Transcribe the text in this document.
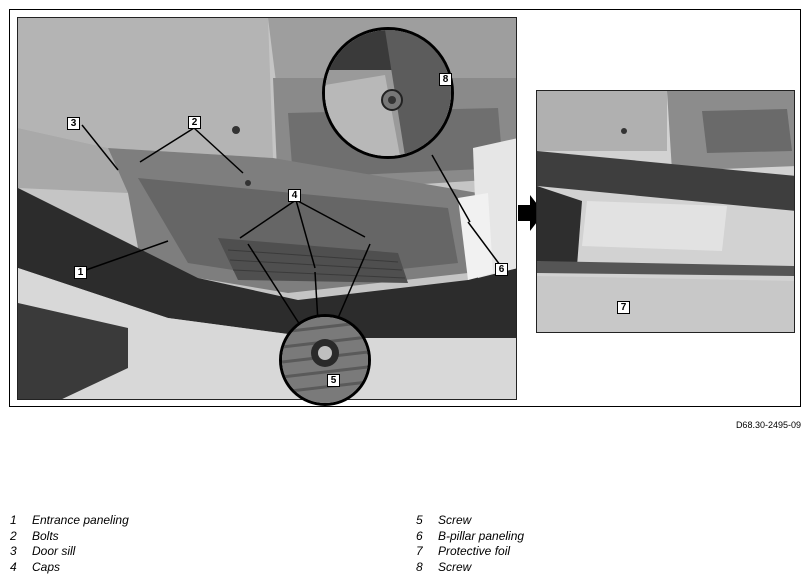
1
2
3
4
5
6
7
8
D68.30-2495-09
1	Entrance paneling
2	Bolts
3	Door sill
4	Caps
5	Screw
6	B-pillar paneling
7	Protective foil
8	Screw
